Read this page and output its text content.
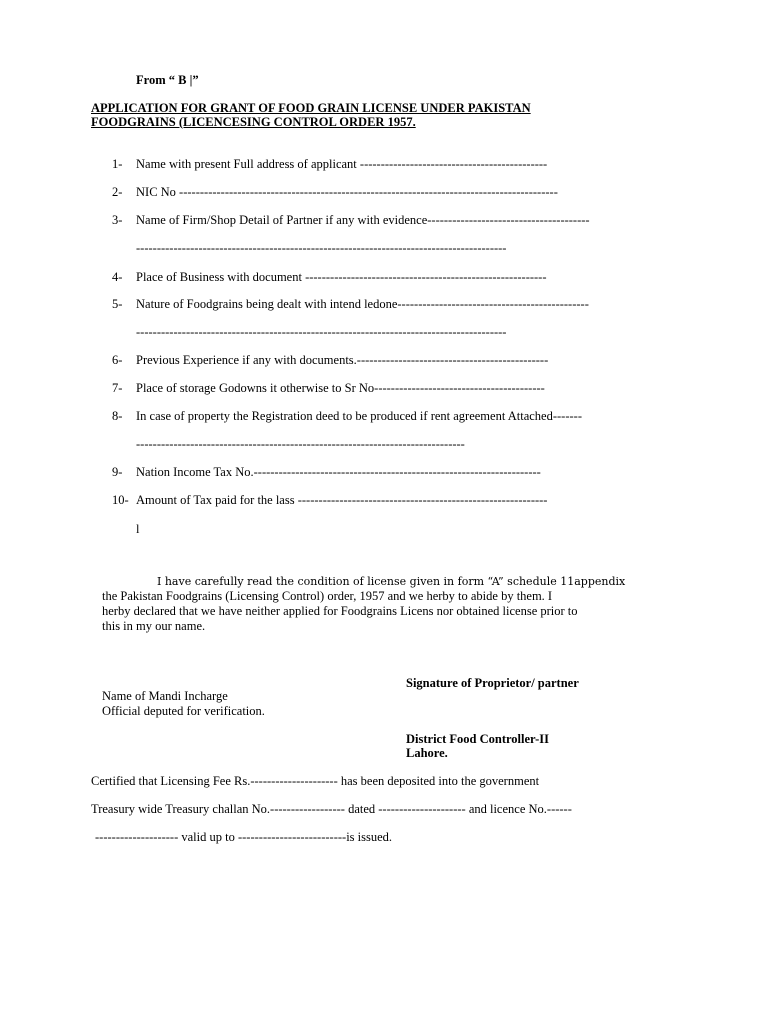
From “ B |”
APPLICATION FOR GRANT OF FOOD GRAIN LICENSE UNDER PAKISTAN
FOODGRAINS (LICENCESING CONTROL ORDER 1957.
1- Name with present Full address of applicant ---------------------------------------------
2- NIC No -------------------------------------------------------------------------------------------
3- Name of Firm/Shop Detail of Partner if any with evidence---------------------------------------
-----------------------------------------------------------------------------------------
4- Place of Business with document ----------------------------------------------------------
5- Nature of Foodgrains being dealt with intend ledone----------------------------------------------
-----------------------------------------------------------------------------------------
6- Previous Experience if any with documents.----------------------------------------------
7- Place of storage Godowns it otherwise to Sr No-----------------------------------------
8- In case of property the Registration deed to be produced if rent agreement Attached-------
-------------------------------------------------------------------------------
9- Nation Income Tax No.---------------------------------------------------------------------
10- Amount of Tax paid for the lass ------------------------------------------------------------
l
I have carefully read the condition of license given in form “A” schedule 11appendix
the Pakistan Foodgrains (Licensing Control) order, 1957 and we herby to abide by them. I
herby declared that we have neither applied for Foodgrains Licens nor obtained license prior to
this in my our name.
Signature of Proprietor/ partner
Name of Mandi Incharge
Official deputed for verification.
District Food Controller-II
Lahore.
Certified that Licensing Fee Rs.--------------------- has been deposited into the government
Treasury wide Treasury challan No.------------------ dated --------------------- and licence No.------
-------------------- valid up to --------------------------is issued.
